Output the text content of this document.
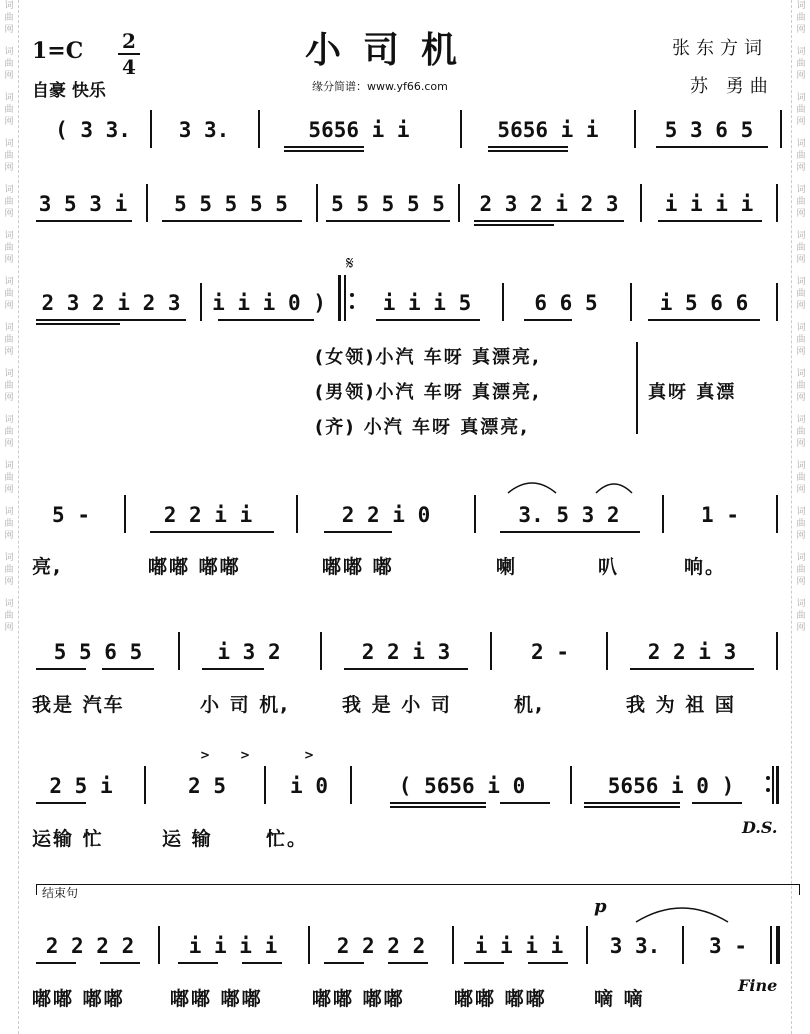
词
曲
网
词
曲
网
词
曲
网
词
曲
网
词
曲
网
词
曲
网
词
曲
网
词
曲
网
词
曲
网
词
曲
网
词
曲
网
词
曲
网
词
曲
网
词
曲
网
词
曲
网
词
曲
网
词
曲
网
词
曲
网
词
曲
网
词
曲
网
词
曲
网
词
曲
网
词
曲
网
词
曲
网
词
曲
网
词
曲
网
词
曲
网
词
曲
网
1=C 2
4
自豪 快乐
小司机
缘分简谱：www.yf66.com
张东方词
苏 勇曲
( 3 3.	3 3.	5656 i i	5656 i i	5 3 6 5
3 5 3 i	5 5 5 5 5	5 5 5 5 5	2 3 2 i 2 3	i i i i
2 3 2 i 2 3	i i i 0 )
𝄋
i i i 5	6 6 5	i 5 6 6
(女领)小汽 车呀 真漂亮,
(男领)小汽 车呀 真漂亮,
(齐) 小汽 车呀 真漂亮,
真呀 真漂
5 -	2 2 i i	2 2 i 0	3. 5 3 2	1 -
亮,	嘟嘟 嘟嘟	嘟嘟 嘟	喇	叭	响。
5 5 6 5	i 3 2	2 2 i 3	2 -	2 2 i 3
我是 汽车	小 司 机,	我 是 小 司	机,	我 为 祖 国
> >	>
2 5 i	2 5	i 0	( 5656 i 0	5656 i 0 )
运输 忙	运 输	忙。
D.S.
结束句
2 2 2 2	i i i i	2 2 2 2	i i i i	3 3.	3 -
p
Fine
嘟嘟 嘟嘟 嘟嘟 嘟嘟	嘟嘟 嘟嘟	嘟嘟 嘟嘟 嘀 嘀
